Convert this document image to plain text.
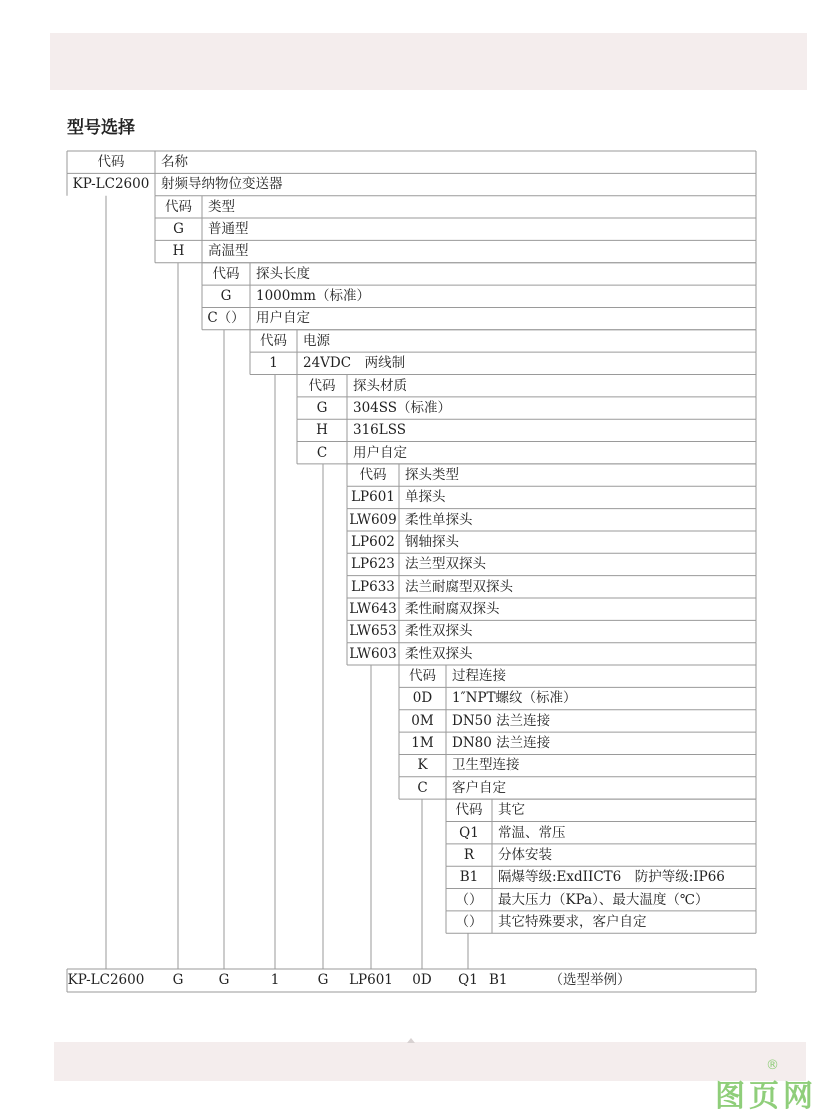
型号选择
代码	名称
KP-LC2600 射频导纳物位变送器
代码	类型
G	普通型
H	高温型
代码	探头长度
G	1000mm（标准）
C（） 用户自定
代码	电源
1	24VDC　两线制
代码	探头材质
G	304SS（标准）
H	316LSS
C	用户自定
代码	探头类型
LP601 单探头
LW609 柔性单探头
LP602 钢轴探头
LP623 法兰型双探头
LP633 法兰耐腐型双探头
LW643 柔性耐腐双探头
LW653 柔性双探头
LW603 柔性双探头
代码	过程连接
0D	1″NPT螺纹（标准）
0M	DN50 法兰连接
1M	DN80 法兰连接
K	卫生型连接
C	客户自定
代码	其它
Q1	常温、常压
R	分体安装
B1	隔爆等级:ExdIICT6　防护等级:IP66
（）	最大压力（KPa）、最大温度（℃）
（）	其它特殊要求，客户自定
KP-LC2600 G	G	1	G LP601 0D Q1 B1	（选型举例）
图页网
®
